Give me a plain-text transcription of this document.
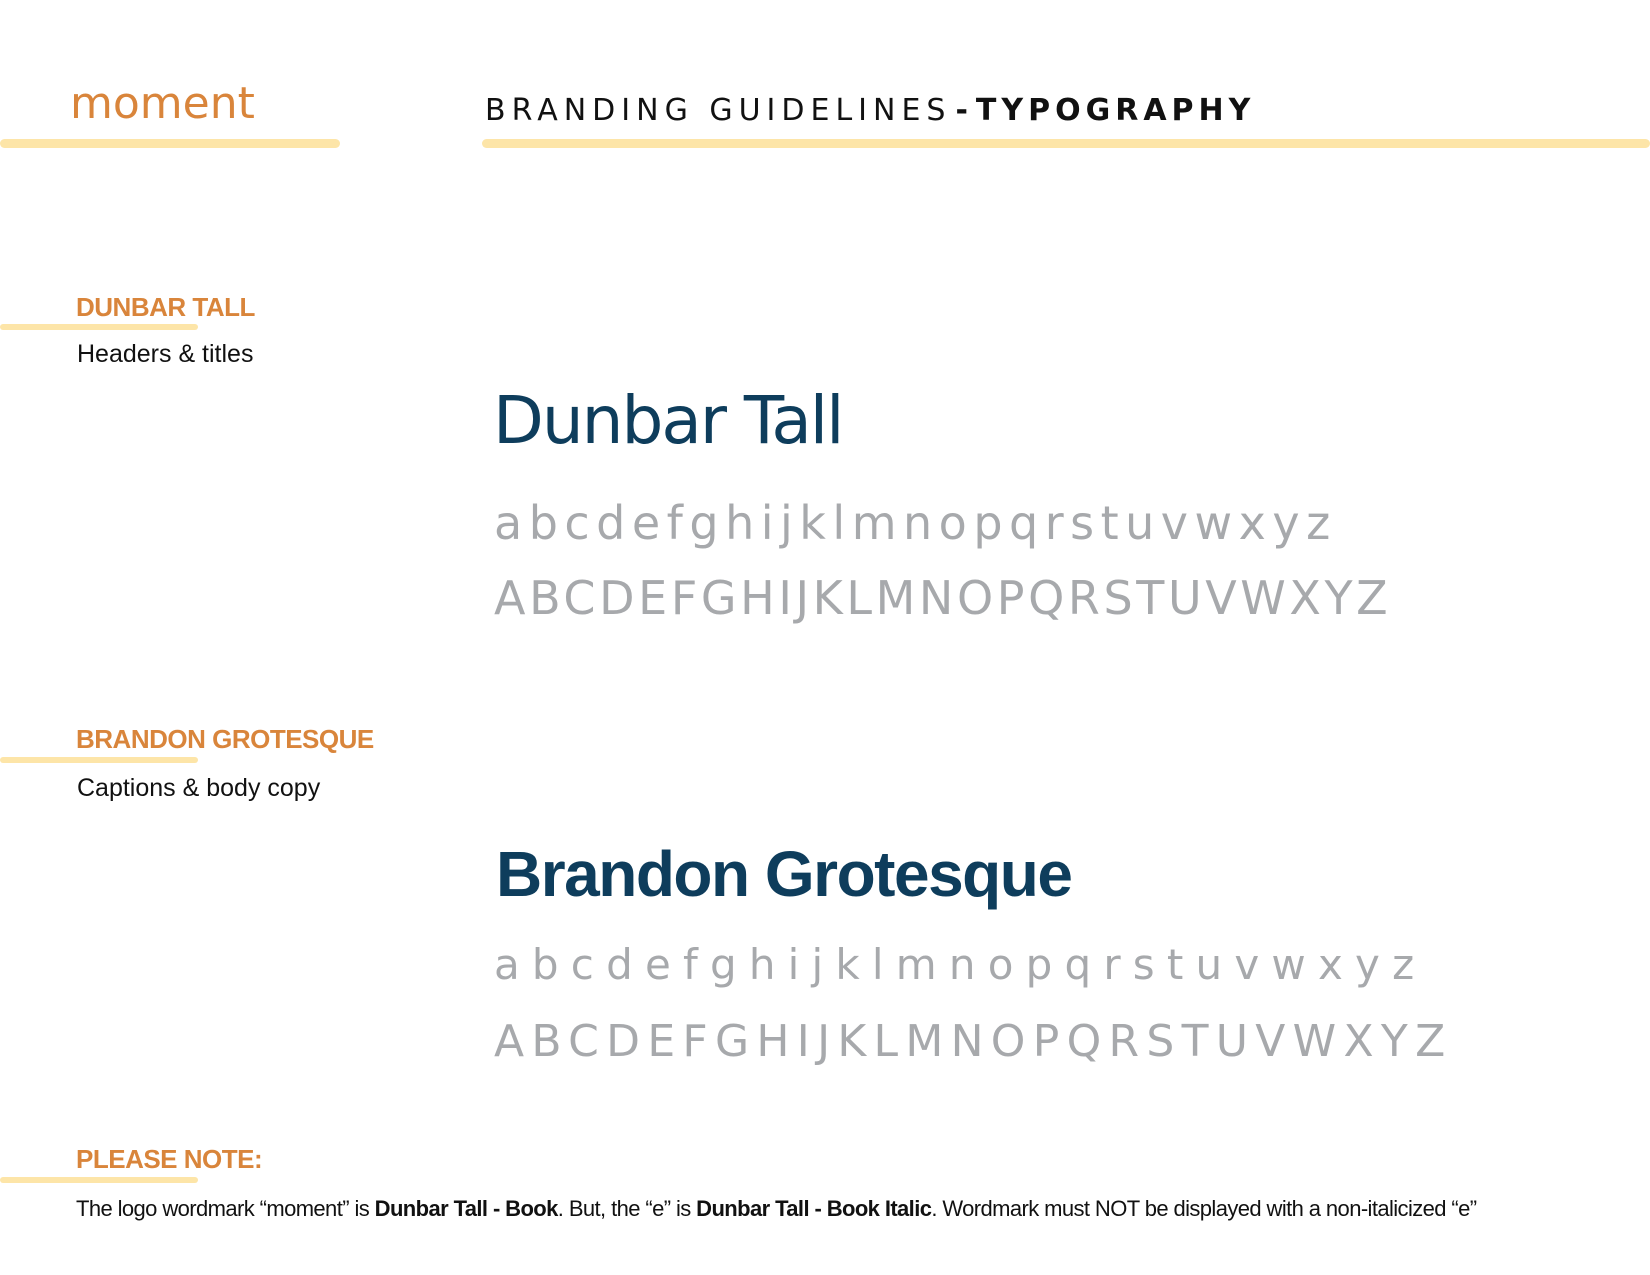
moment	BRANDING GUIDELINES - TYPOGRAPHY
DUNBAR TALL
Headers & titles
Dunbar Tall
abcdefghijklmnopqrstuvwxyz
ABCDEFGHIJKLMNOPQRSTUVWXYZ
BRANDON GROTESQUE
Captions & body copy
Brandon Grotesque
abcdefghijklmnopqrstuvwxyz
ABCDEFGHIJKLMNOPQRSTUVWXYZ
PLEASE NOTE:
The logo wordmark “moment” is Dunbar Tall - Book. But, the “e” is Dunbar Tall - Book Italic. Wordmark must NOT be displayed with a non-italicized “e”
